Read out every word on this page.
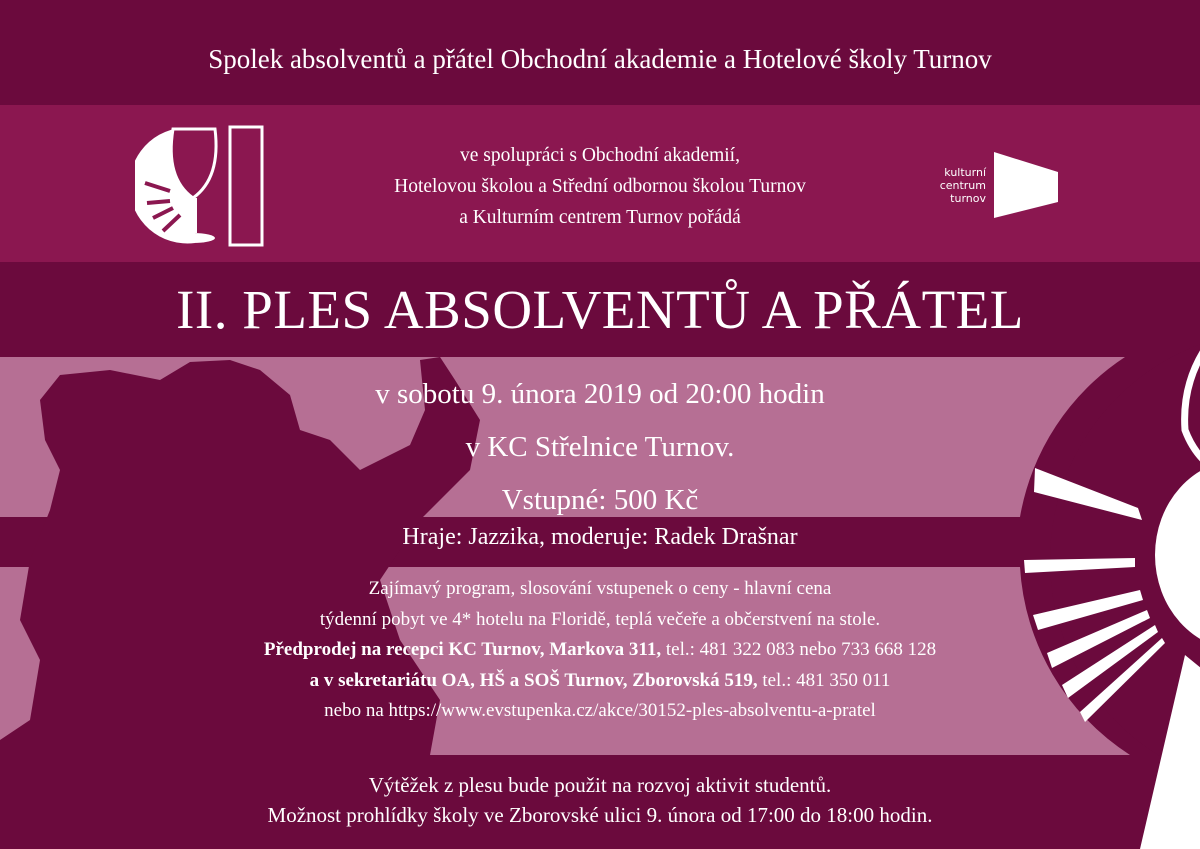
Spolek absolventů a přátel Obchodní akademie a Hotelové školy Turnov
ve spolupráci s Obchodní akademií,
Hotelovou školou a Střední odbornou školou Turnov
a Kulturním centrem Turnov pořádá
kulturní
centrum
turnov
II. PLES ABSOLVENTŮ A PŘÁTEL
v sobotu 9. února 2019 od 20:00 hodin
v KC Střelnice Turnov.
Vstupné: 500 Kč
Hraje: Jazzika, moderuje: Radek Drašnar
Zajímavý program, slosování vstupenek o ceny - hlavní cena
týdenní pobyt ve 4* hotelu na Floridě, teplá večeře a občerstvení na stole.
Předprodej na recepci KC Turnov, Markova 311, tel.: 481 322 083 nebo 733 668 128
a v sekretariátu OA, HŠ a SOŠ Turnov, Zborovská 519, tel.: 481 350 011
nebo na https://www.evstupenka.cz/akce/30152-ples-absolventu-a-pratel
Výtěžek z plesu bude použit na rozvoj aktivit studentů.
Možnost prohlídky školy ve Zborovské ulici 9. února od 17:00 do 18:00 hodin.
